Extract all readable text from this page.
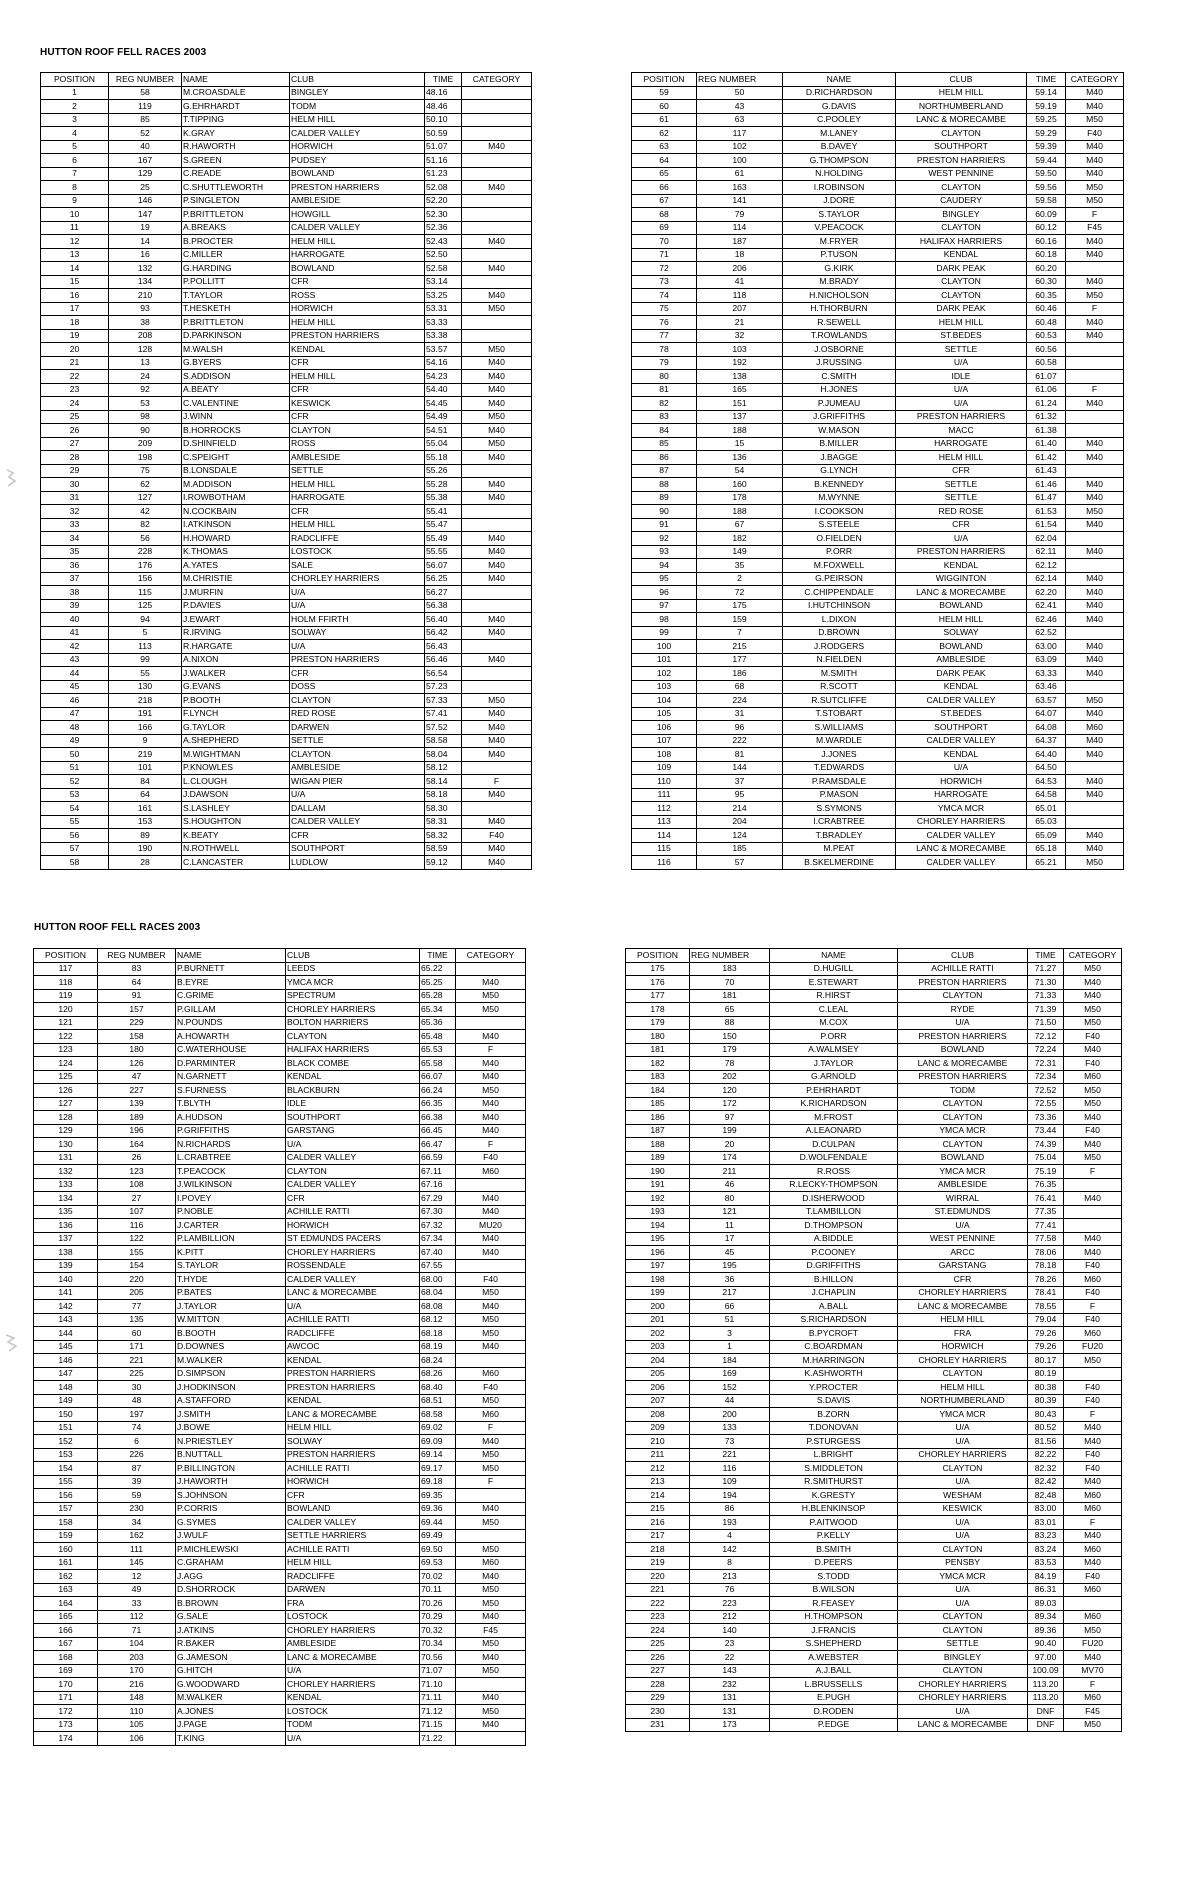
HUTTON ROOF FELL RACES 2003
HUTTON ROOF FELL RACES 2003
POSITION	REG NUMBER	NAME	CLUB	TIME	CATEGORY
1	58	M.CROASDALE	BINGLEY	48.16	
2	119	G.EHRHARDT	TODM	48.46	
3	85	T.TIPPING	HELM HILL	50.10	
4	52	K.GRAY	CALDER VALLEY	50.59	
5	40	R.HAWORTH	HORWICH	51.07	M40
6	167	S.GREEN	PUDSEY	51.16	
7	129	C.READE	BOWLAND	51.23	
8	25	C.SHUTTLEWORTH	PRESTON HARRIERS	52.08	M40
9	146	P.SINGLETON	AMBLESIDE	52.20	
10	147	P.BRITTLETON	HOWGILL	52.30	
11	19	A.BREAKS	CALDER VALLEY	52.36	
12	14	B.PROCTER	HELM HILL	52.43	M40
13	16	C.MILLER	HARROGATE	52.50	
14	132	G.HARDING	BOWLAND	52.58	M40
15	134	P.POLLITT	CFR	53.14	
16	210	T.TAYLOR	ROSS	53.25	M40
17	93	T.HESKETH	HORWICH	53.31	M50
18	38	P.BRITTLETON	HELM HILL	53.33	
19	208	D.PARKINSON	PRESTON HARRIERS	53.38	
20	128	M.WALSH	KENDAL	53.57	M50
21	13	G.BYERS	CFR	54.16	M40
22	24	S.ADDISON	HELM HILL	54.23	M40
23	92	A.BEATY	CFR	54.40	M40
24	53	C.VALENTINE	KESWICK	54.45	M40
25	98	J.WINN	CFR	54.49	M50
26	90	B.HORROCKS	CLAYTON	54.51	M40
27	209	D.SHINFIELD	ROSS	55.04	M50
28	198	C.SPEIGHT	AMBLESIDE	55.18	M40
29	75	B.LONSDALE	SETTLE	55.26	
30	62	M.ADDISON	HELM HILL	55.28	M40
31	127	I.ROWBOTHAM	HARROGATE	55.38	M40
32	42	N.COCKBAIN	CFR	55.41	
33	82	I.ATKINSON	HELM HILL	55.47	
34	56	H.HOWARD	RADCLIFFE	55.49	M40
35	228	K.THOMAS	LOSTOCK	55.55	M40
36	176	A.YATES	SALE	56.07	M40
37	156	M.CHRISTIE	CHORLEY HARRIERS	56.25	M40
38	115	J.MURFIN	U/A	56.27	
39	125	P.DAVIES	U/A	56.38	
40	94	J.EWART	HOLM FFIRTH	56.40	M40
41	5	R.IRVING	SOLWAY	56.42	M40
42	113	R.HARGATE	U/A	56.43	
43	99	A.NIXON	PRESTON HARRIERS	56.46	M40
44	55	J.WALKER	CFR	56.54	
45	130	G.EVANS	DOSS	57.23	
46	218	P.BOOTH	CLAYTON	57.33	M50
47	191	F.LYNCH	RED ROSE	57.41	M40
48	166	G.TAYLOR	DARWEN	57.52	M40
49	9	A.SHEPHERD	SETTLE	58.58	M40
50	219	M.WIGHTMAN	CLAYTON	58.04	M40
51	101	P.KNOWLES	AMBLESIDE	58.12	
52	84	L.CLOUGH	WIGAN PIER	58.14	F
53	64	J.DAWSON	U/A	58.18	M40
54	161	S.LASHLEY	DALLAM	58.30	
55	153	S.HOUGHTON	CALDER VALLEY	58.31	M40
56	89	K.BEATY	CFR	58.32	F40
57	190	N.ROTHWELL	SOUTHPORT	58.59	M40
58	28	C.LANCASTER	LUDLOW	59.12	M40
POSITION	REG NUMBER	NAME	CLUB	TIME	CATEGORY
59	50	D.RICHARDSON	HELM HILL	59.14	M40
60	43	G.DAVIS	NORTHUMBERLAND	59.19	M40
61	63	C.POOLEY	LANC & MORECAMBE	59.25	M50
62	117	M.LANEY	CLAYTON	59.29	F40
63	102	B.DAVEY	SOUTHPORT	59.39	M40
64	100	G.THOMPSON	PRESTON HARRIERS	59.44	M40
65	61	N.HOLDING	WEST PENNINE	59.50	M40
66	163	I.ROBINSON	CLAYTON	59.56	M50
67	141	J.DORE	CAUDERY	59.58	M50
68	79	S.TAYLOR	BINGLEY	60.09	F
69	114	V.PEACOCK	CLAYTON	60.12	F45
70	187	M.FRYER	HALIFAX HARRIERS	60.16	M40
71	18	P.TUSON	KENDAL	60.18	M40
72	206	G.KIRK	DARK PEAK	60.20	
73	41	M.BRADY	CLAYTON	60.30	M40
74	118	H.NICHOLSON	CLAYTON	60.35	M50
75	207	H.THORBURN	DARK PEAK	60.46	F
76	21	R.SEWELL	HELM HILL	60.48	M40
77	32	T.ROWLANDS	ST.BEDES	60.53	M40
78	103	J.OSBORNE	SETTLE	60.56	
79	192	J.RUSSING	U/A	60.58	
80	138	C.SMITH	IDLE	61.07	
81	165	H.JONES	U/A	61.06	F
82	151	P.JUMEAU	U/A	61.24	M40
83	137	J.GRIFFITHS	PRESTON HARRIERS	61.32	
84	188	W.MASON	MACC	61.38	
85	15	B.MILLER	HARROGATE	61.40	M40
86	136	J.BAGGE	HELM HILL	61.42	M40
87	54	G.LYNCH	CFR	61.43	
88	160	B.KENNEDY	SETTLE	61.46	M40
89	178	M.WYNNE	SETTLE	61.47	M40
90	188	I.COOKSON	RED ROSE	61.53	M50
91	67	S.STEELE	CFR	61.54	M40
92	182	O.FIELDEN	U/A	62.04	
93	149	P.ORR	PRESTON HARRIERS	62.11	M40
94	35	M.FOXWELL	KENDAL	62.12	
95	2	G.PEIRSON	WIGGINTON	62.14	M40
96	72	C.CHIPPENDALE	LANC & MORECAMBE	62.20	M40
97	175	I.HUTCHINSON	BOWLAND	62.41	M40
98	159	L.DIXON	HELM HILL	62.46	M40
99	7	D.BROWN	SOLWAY	62.52	
100	215	J.RODGERS	BOWLAND	63.00	M40
101	177	N.FIELDEN	AMBLESIDE	63.09	M40
102	186	M.SMITH	DARK PEAK	63.33	M40
103	68	R.SCOTT	KENDAL	63.46	
104	224	R.SUTCLIFFE	CALDER VALLEY	63.57	M50
105	31	T.STOBART	ST.BEDES	64.07	M40
106	96	S.WILLIAMS	SOUTHPORT	64.08	M60
107	222	M.WARDLE	CALDER VALLEY	64.37	M40
108	81	J.JONES	KENDAL	64.40	M40
109	144	T.EDWARDS	U/A	64.50	
110	37	P.RAMSDALE	HORWICH	64.53	M40
111	95	P.MASON	HARROGATE	64.58	M40
112	214	S.SYMONS	YMCA MCR	65.01	
113	204	I.CRABTREE	CHORLEY HARRIERS	65.03	
114	124	T.BRADLEY	CALDER VALLEY	65.09	M40
115	185	M.PEAT	LANC & MORECAMBE	65.18	M40
116	57	B.SKELMERDINE	CALDER VALLEY	65.21	M50
POSITION	REG NUMBER	NAME	CLUB	TIME	CATEGORY
117	83	P.BURNETT	LEEDS	65.22	
118	64	B.EYRE	YMCA MCR	65.25	M40
119	91	C.GRIME	SPECTRUM	65.28	M50
120	157	P.GILLAM	CHORLEY HARRIERS	65.34	M50
121	229	N.POUNDS	BOLTON HARRIERS	65.36	
122	158	A.HOWARTH	CLAYTON	65.48	M40
123	180	C.WATERHOUSE	HALIFAX HARRIERS	65.53	F
124	126	D.PARMINTER	BLACK COMBE	65.58	M40
125	47	N.GARNETT	KENDAL	66.07	M40
126	227	S.FURNESS	BLACKBURN	66.24	M50
127	139	T.BLYTH	IDLE	66.35	M40
128	189	A.HUDSON	SOUTHPORT	66.38	M40
129	196	P.GRIFFITHS	GARSTANG	66.45	M40
130	164	N.RICHARDS	U/A	66.47	F
131	26	L.CRABTREE	CALDER VALLEY	66.59	F40
132	123	T.PEACOCK	CLAYTON	67.11	M60
133	108	J.WILKINSON	CALDER VALLEY	67.16	
134	27	I.POVEY	CFR	67.29	M40
135	107	P.NOBLE	ACHILLE RATTI	67.30	M40
136	116	J.CARTER	HORWICH	67.32	MU20
137	122	P.LAMBILLION	ST EDMUNDS PACERS	67.34	M40
138	155	K.PITT	CHORLEY HARRIERS	67.40	M40
139	154	S.TAYLOR	ROSSENDALE	67.55	
140	220	T.HYDE	CALDER VALLEY	68.00	F40
141	205	P.BATES	LANC & MORECAMBE	68.04	M50
142	77	J.TAYLOR	U/A	68.08	M40
143	135	W.MITTON	ACHILLE RATTI	68.12	M50
144	60	B.BOOTH	RADCLIFFE	68.18	M50
145	171	D.DOWNES	AWCOC	68.19	M40
146	221	M.WALKER	KENDAL	68.24	
147	225	D.SIMPSON	PRESTON HARRIERS	68.26	M60
148	30	J.HODKINSON	PRESTON HARRIERS	68.40	F40
149	48	A.STAFFORD	KENDAL	68.51	M50
150	197	J.SMITH	LANC & MORECAMBE	68.58	M60
151	74	J.BOWE	HELM HILL	69.02	F
152	6	N.PRIESTLEY	SOLWAY	69.09	M40
153	226	B.NUTTALL	PRESTON HARRIERS	69.14	M50
154	87	P.BILLINGTON	ACHILLE RATTI	69.17	M50
155	39	J.HAWORTH	HORWICH	69.18	F
156	59	S.JOHNSON	CFR	69.35	
157	230	P.CORRIS	BOWLAND	69.36	M40
158	34	G.SYMES	CALDER VALLEY	69.44	M50
159	162	J.WULF	SETTLE HARRIERS	69.49	
160	111	P.MICHLEWSKI	ACHILLE RATTI	69.50	M50
161	145	C.GRAHAM	HELM HILL	69.53	M60
162	12	J.AGG	RADCLIFFE	70.02	M40
163	49	D.SHORROCK	DARWEN	70.11	M50
164	33	B.BROWN	FRA	70.26	M50
165	112	G.SALE	LOSTOCK	70.29	M40
166	71	J.ATKINS	CHORLEY HARRIERS	70.32	F45
167	104	R.BAKER	AMBLESIDE	70.34	M50
168	203	G.JAMESON	LANC & MORECAMBE	70.56	M40
169	170	G.HITCH	U/A	71.07	M50
170	216	G.WOODWARD	CHORLEY HARRIERS	71.10	
171	148	M.WALKER	KENDAL	71.11	M40
172	110	A.JONES	LOSTOCK	71.12	M50
173	105	J.PAGE	TODM	71.15	M40
174	106	T.KING	U/A	71.22	
POSITION	REG NUMBER	NAME	CLUB	TIME	CATEGORY
175	183	D.HUGILL	ACHILLE RATTI	71.27	M50
176	70	E.STEWART	PRESTON HARRIERS	71.30	M40
177	181	R.HIRST	CLAYTON	71.33	M40
178	65	C.LEAL	RYDE	71.39	M50
179	88	M.COX	U/A	71.50	M50
180	150	P.ORR	PRESTON HARRIERS	72.12	F40
181	179	A.WALMSEY	BOWLAND	72.24	M40
182	78	J.TAYLOR	LANC & MORECAMBE	72.31	F40
183	202	G.ARNOLD	PRESTON HARRIERS	72.34	M60
184	120	P.EHRHARDT	TODM	72.52	M50
185	172	K.RICHARDSON	CLAYTON	72.55	M50
186	97	M.FROST	CLAYTON	73.36	M40
187	199	A.LEAONARD	YMCA MCR	73.44	F40
188	20	D.CULPAN	CLAYTON	74.39	M40
189	174	D.WOLFENDALE	BOWLAND	75.04	M50
190	211	R.ROSS	YMCA MCR	75.19	F
191	46	R.LECKY-THOMPSON	AMBLESIDE	76.35	
192	80	D.ISHERWOOD	WIRRAL	76.41	M40
193	121	T.LAMBILLON	ST.EDMUNDS	77.35	
194	11	D.THOMPSON	U/A	77.41	
195	17	A.BIDDLE	WEST PENNINE	77.58	M40
196	45	P.COONEY	ARCC	78.06	M40
197	195	D.GRIFFITHS	GARSTANG	78.18	F40
198	36	B.HILLON	CFR	78.26	M60
199	217	J.CHAPLIN	CHORLEY HARRIERS	78.41	F40
200	66	A.BALL	LANC & MORECAMBE	78.55	F
201	51	S.RICHARDSON	HELM HILL	79.04	F40
202	3	B.PYCROFT	FRA	79.26	M60
203	1	C.BOARDMAN	HORWICH	79.26	FU20
204	184	M.HARRINGON	CHORLEY HARRIERS	80.17	M50
205	169	K.ASHWORTH	CLAYTON	80.19	
206	152	Y.PROCTER	HELM HILL	80.38	F40
207	44	S.DAVIS	NORTHUMBERLAND	80.39	F40
208	200	B.ZORN	YMCA MCR	80.43	F
209	133	T.DONOVAN	U/A	80.52	M40
210	73	P.STURGESS	U/A	81.56	M40
211	221	L.BRIGHT	CHORLEY HARRIERS	82.22	F40
212	116	S.MIDDLETON	CLAYTON	82.32	F40
213	109	R.SMITHURST	U/A	82.42	M40
214	194	K.GRESTY	WESHAM	82.48	M60
215	86	H.BLENKINSOP	KESWICK	83.00	M60
216	193	P.AITWOOD	U/A	83.01	F
217	4	P.KELLY	U/A	83.23	M40
218	142	B.SMITH	CLAYTON	83.24	M60
219	8	D.PEERS	PENSBY	83.53	M40
220	213	S.TODD	YMCA MCR	84.19	F40
221	76	B.WILSON	U/A	86.31	M60
222	223	R.FEASEY	U/A	89.03	
223	212	H.THOMPSON	CLAYTON	89.34	M60
224	140	J.FRANCIS	CLAYTON	89.36	M50
225	23	S.SHEPHERD	SETTLE	90.40	FU20
226	22	A.WEBSTER	BINGLEY	97.00	M40
227	143	A.J.BALL	CLAYTON	100.09	MV70
228	232	L.BRUSSELLS	CHORLEY HARRIERS	113.20	F
229	131	E.PUGH	CHORLEY HARRIERS	113.20	M60
230	131	D.RODEN	U/A	DNF	F45
231	173	P.EDGE	LANC & MORECAMBE	DNF	M50
